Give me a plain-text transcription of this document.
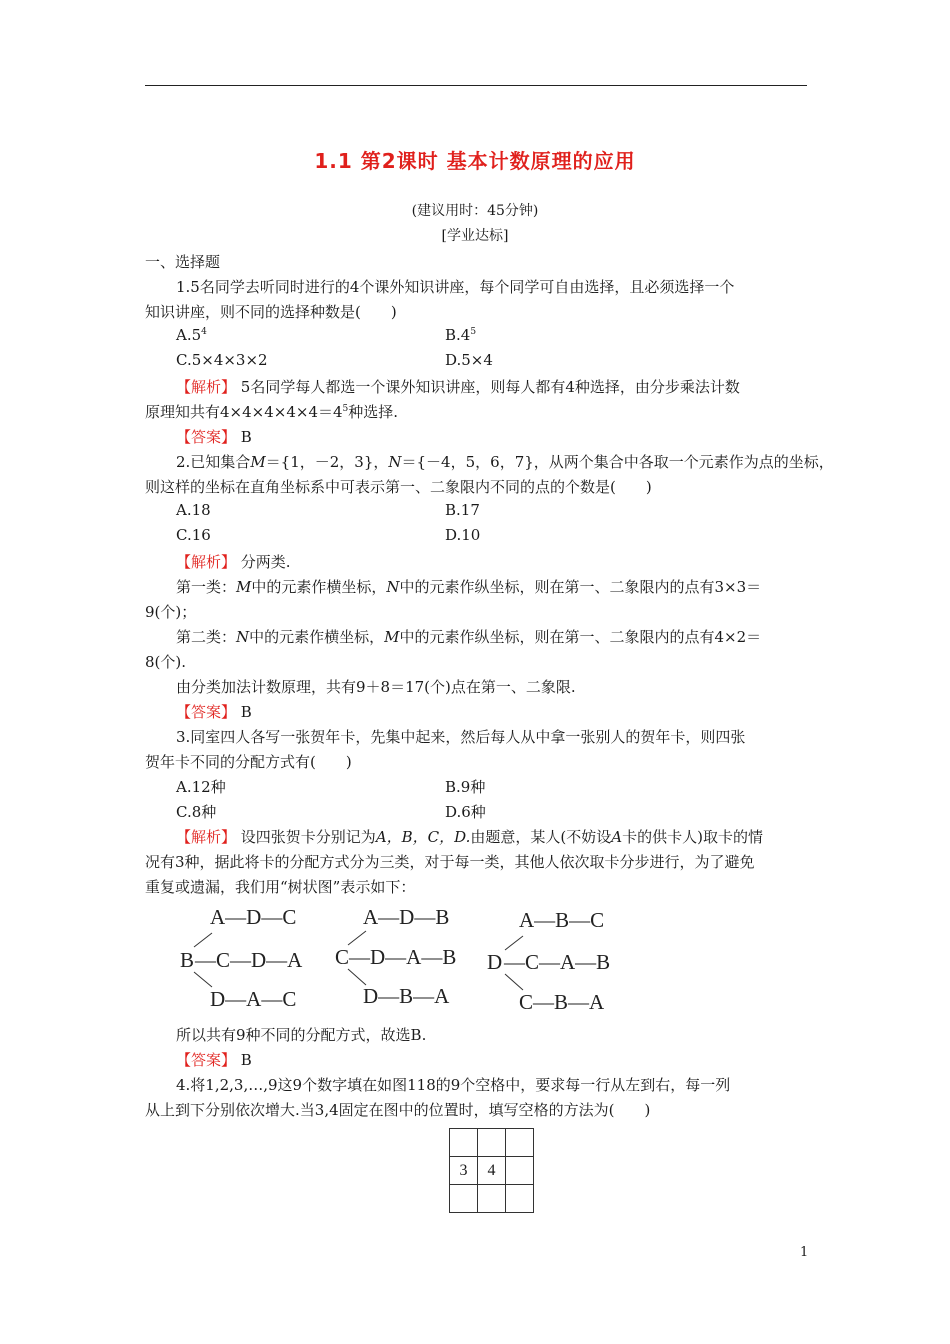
1.1 第2课时 基本计数原理的应用
(建议用时：45分钟)
[学业达标]
一、选择题
1.5名同学去听同时进行的4个课外知识讲座，每个同学可自由选择，且必须选择一个
知识讲座，则不同的选择种数是(　　)
$A.5^4$	$B.4^5$
C.5×4×3×2	D.5×4
【解析】 5名同学每人都选一个课外知识讲座，则每人都有4种选择，由分步乘法计数
原理知共有$4\times 4\times 4\times 4\times 4=4^5$种选择.
【答案】 B
2.已知集合M＝{1，－2，3}，N＝{－4，5，6，7}，从两个集合中各取一个元素作为点的坐标，
则这样的坐标在直角坐标系中可表示第一、二象限内不同的点的个数是(　　)
A.18	B.17
C.16	D.10
【解析】 分两类.
第一类：M中的元素作横坐标，N中的元素作纵坐标，则在第一、二象限内的点有3×3＝
9(个)；
第二类：N中的元素作横坐标，M中的元素作纵坐标，则在第一、二象限内的点有4×2＝
8(个).
由分类加法计数原理，共有9＋8＝17(个)点在第一、二象限.
【答案】 B
3.同室四人各写一张贺年卡，先集中起来，然后每人从中拿一张别人的贺年卡，则四张
贺年卡不同的分配方式有(　　)
A.12种	B.9种
C.8种	D.6种
【解析】 设四张贺卡分别记为A，B，C，D.由题意，某人(不妨设A卡的供卡人)取卡的情
况有3种，据此将卡的分配方式分为三类，对于每一类，其他人依次取卡分步进行，为了避免
重复或遗漏，我们用“树状图”表示如下：
A—D—C
B —C—D—A
D—A—C
A—D—B
C —D—A—B
D—B—A
A—B—C
D —C—A—B
C—B—A
所以共有9种不同的分配方式，故选B.
【答案】 B
4.将1,2,3,…,9这9个数字填在如图118的9个空格中，要求每一行从左到右，每一列
从上到下分别依次增大.当3,4固定在图中的位置时，填写空格的方法为(　　)

3	4	

1
